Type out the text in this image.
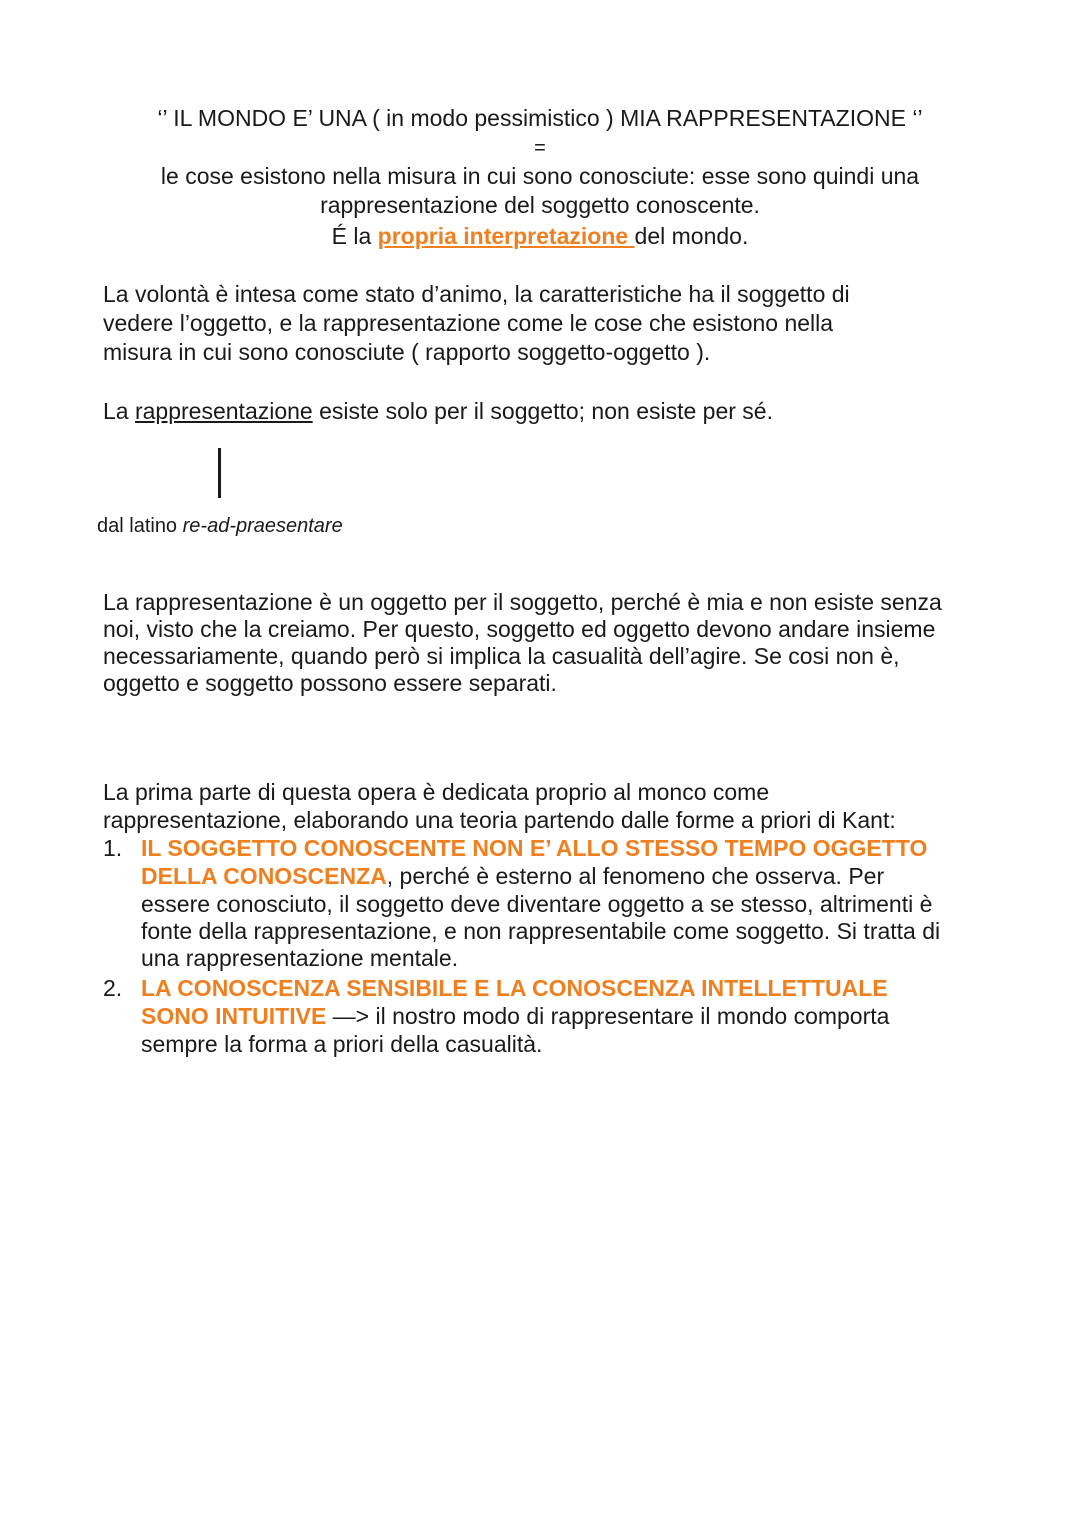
‘’ IL MONDO E’ UNA ( in modo pessimistico ) MIA RAPPRESENTAZIONE ‘’
=
le cose esistono nella misura in cui sono conosciute: esse sono quindi una
rappresentazione del soggetto conoscente.
É la propria interpretazione del mondo.
La volontà è intesa come stato d’animo, la caratteristiche ha il soggetto di
vedere l’oggetto, e la rappresentazione come le cose che esistono nella
misura in cui sono conosciute ( rapporto soggetto-oggetto ).
La rappresentazione esiste solo per il soggetto; non esiste per sé.
dal latino re-ad-praesentare
La rappresentazione è un oggetto per il soggetto, perché è mia e non esiste senza
noi, visto che la creiamo. Per questo, soggetto ed oggetto devono andare insieme
necessariamente, quando però si implica la casualità dell’agire. Se cosi non è,
oggetto e soggetto possono essere separati.
La prima parte di questa opera è dedicata proprio al monco come
rappresentazione, elaborando una teoria partendo dalle forme a priori di Kant:
1. IL SOGGETTO CONOSCENTE NON E’ ALLO STESSO TEMPO OGGETTO
DELLA CONOSCENZA, perché è esterno al fenomeno che osserva. Per
essere conosciuto, il soggetto deve diventare oggetto a se stesso, altrimenti è
fonte della rappresentazione, e non rappresentabile come soggetto. Si tratta di
una rappresentazione mentale.
2. LA CONOSCENZA SENSIBILE E LA CONOSCENZA INTELLETTUALE
SONO INTUITIVE —> il nostro modo di rappresentare il mondo comporta
sempre la forma a priori della casualità.
